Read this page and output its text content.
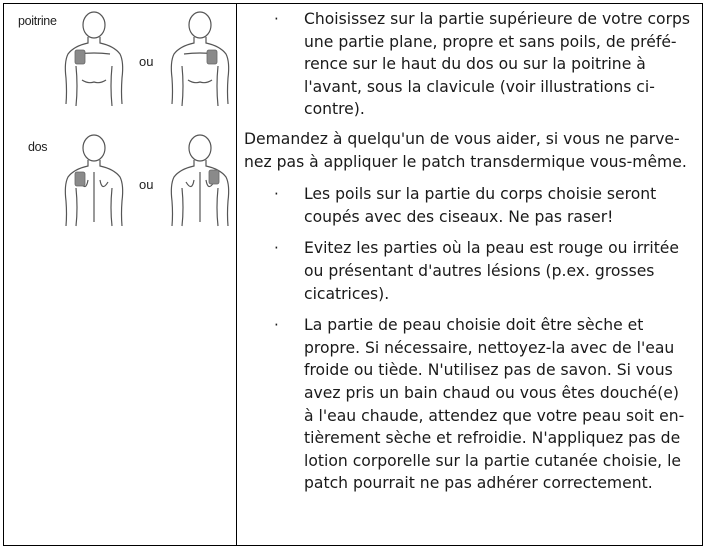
poitrine
ou
dos
ou
· Choisissez sur la partie supérieure de votre corps
une partie plane, propre et sans poils, de préfé-
rence sur le haut du dos ou sur la poitrine à
l'avant, sous la clavicule (voir illustrations ci-
contre).
Demandez à quelqu'un de vous aider, si vous ne parve-
nez pas à appliquer le patch transdermique vous-même.
· Les poils sur la partie du corps choisie seront
coupés avec des ciseaux. Ne pas raser!
· Evitez les parties où la peau est rouge ou irritée
ou présentant d'autres lésions (p.ex. grosses
cicatrices).
· La partie de peau choisie doit être sèche et
propre. Si nécessaire, nettoyez-la avec de l'eau
froide ou tiède. N'utilisez pas de savon. Si vous
avez pris un bain chaud ou vous êtes douché(e)
à l'eau chaude, attendez que votre peau soit en-
tièrement sèche et refroidie. N'appliquez pas de
lotion corporelle sur la partie cutanée choisie, le
patch pourrait ne pas adhérer correctement.
